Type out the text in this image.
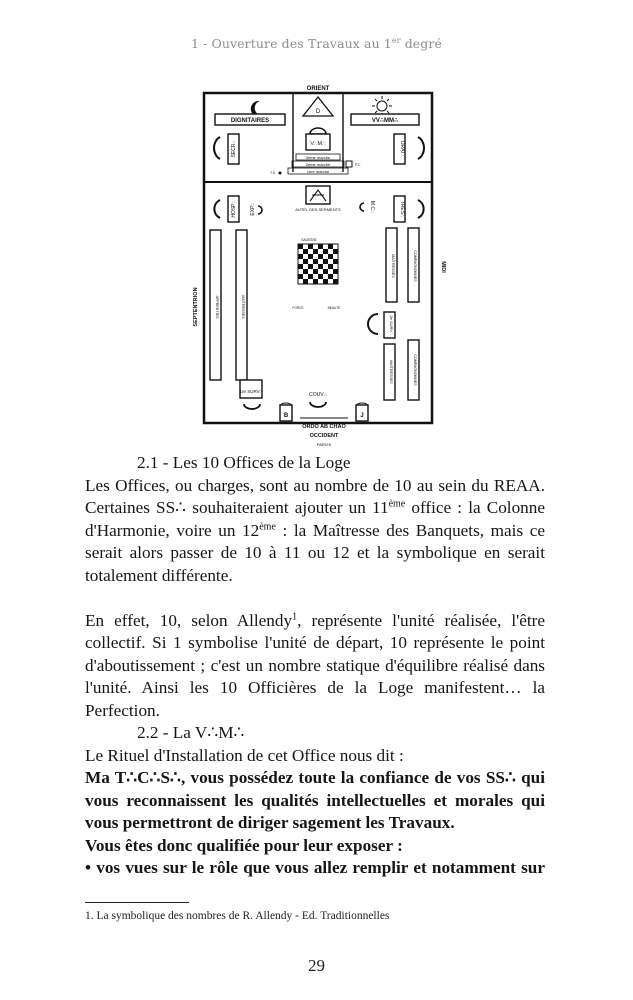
1 - Ouverture des Travaux au 1er degré
ORIENT
DIGNITAIRES	VV∴MM∴
D
V∴M∴
3ème marche
2ème marche
1ère marche
P.C
T.S
SECR∴	ORAT∴
AUTEL DES SERMENTS
HOSP∴	EXP∴	M.C∴	TRÉS∴
APPRENTIES	MAÎTRESSES
SEPTENTRION
MAÎTRESSES	COMPAGNONNES	MIDI
2e SURV∴
MAÎTRESSES	COMPAGNONNES
SAGESSE
FORCE	BEAUTÉ
1re SURV∴
COUV∴
B	J
ORDO AB CHAO
OCCIDENT
PARVIS

2.1 - Les 10 Offices de la Loge

Les Offices, ou charges, sont au nombre de 10 au sein du REAA. Certaines SS∴ souhaiteraient ajouter un 11ème office : la Colonne d'Harmonie, voire un 12ème : la Maîtresse des Banquets, mais ce serait alors passer de 10 à 11 ou 12 et la symbolique en serait totalement différente.

En effet, 10, selon Allendy$^1$, représente l'unité réalisée, l'être collectif. Si 1 symbolise l'unité de départ, 10 représente le point d'aboutissement ; c'est un nombre statique d'équilibre réalisé dans l'unité. Ainsi les 10 Officières de la Loge manifestent… la Perfection.

2.2 - La V∴M∴

Le Rituel d'Installation de cet Office nous dit :

Ma T∴C∴S∴, vous possédez toute la confiance de vos SS∴ qui vous reconnaissent les qualités intellectuelles et morales qui vous permettront de diriger sagement les Travaux.

Vous êtes donc qualifiée pour leur exposer :

• vos vues sur le rôle que vous allez remplir et notamment sur

1. La symbolique des nombres de R. Allendy - Ed. Traditionnelles
29
